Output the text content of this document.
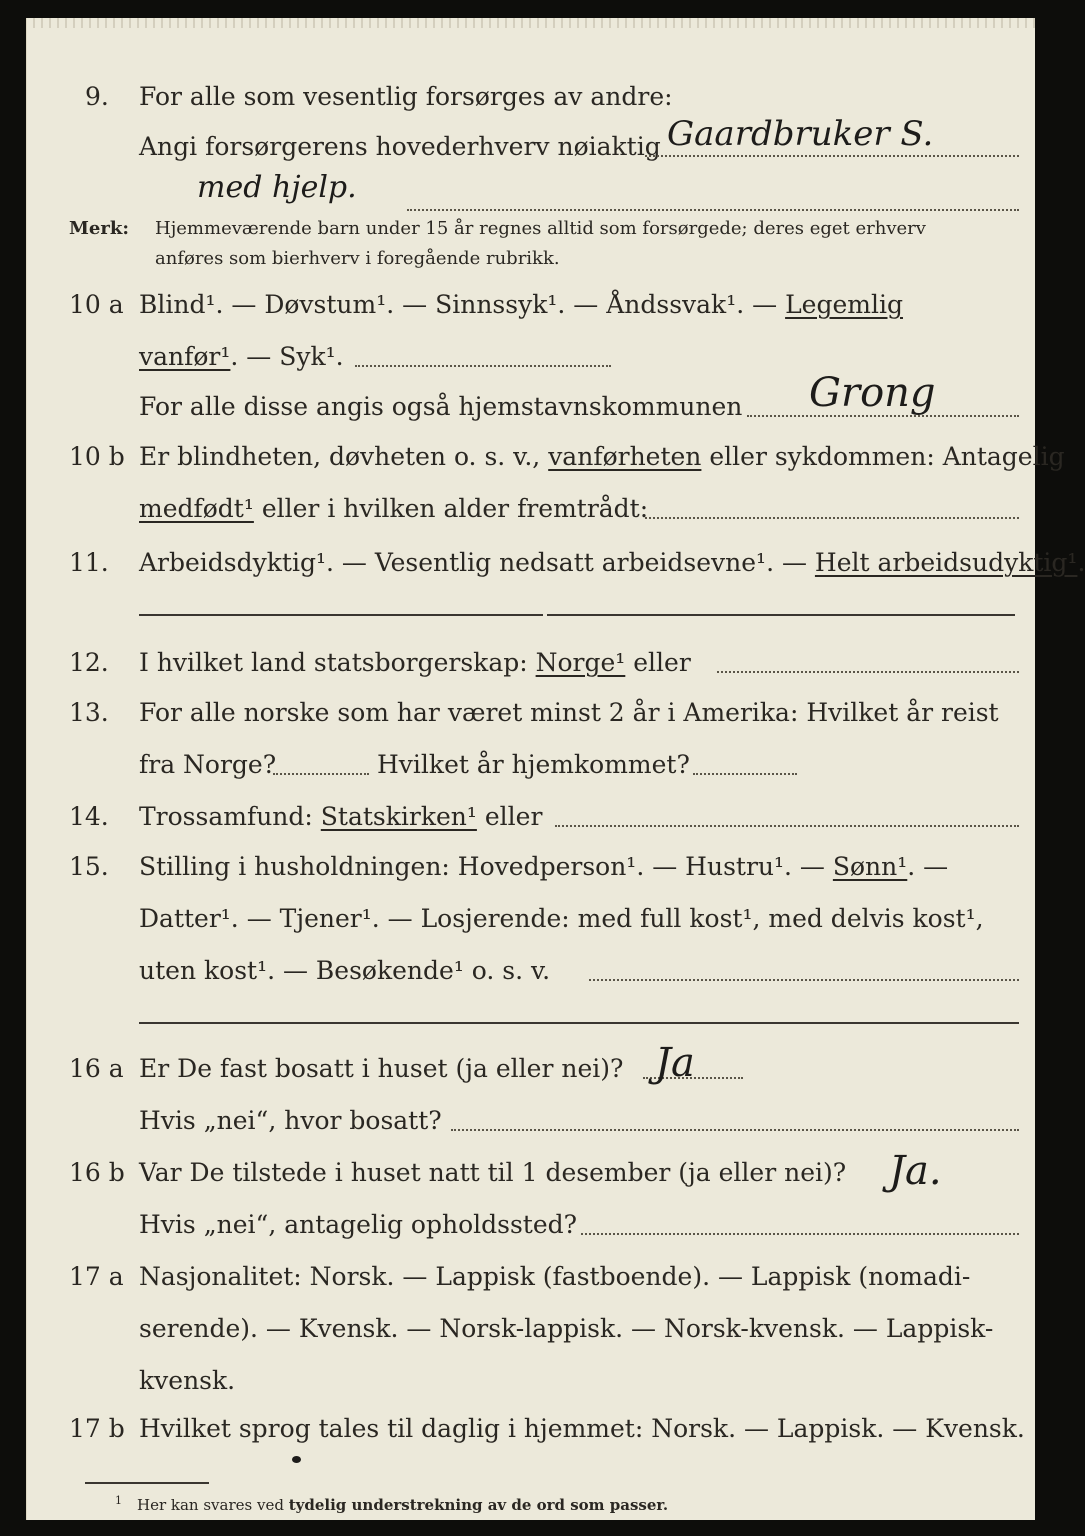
9. For alle som vesentlig forsørges av andre:
Angi forsørgerens hovederhverv nøiaktig Gaardbruker S.
med hjelp.
Merk: Hjemmeværende barn under 15 år regnes alltid som forsørgede; deres eget erhverv
anføres som bierhverv i foregående rubrikk.
10 a Blind¹. — Døvstum¹. — Sinnssyk¹. — Åndssvak¹. — Legemlig
vanfør¹. — Syk¹.
For alle disse angis også hjemstavnskommunen Grong
10 b Er blindheten, døvheten o. s. v., vanførheten eller sykdommen: Antagelig
medfødt¹ eller i hvilken alder fremtrådt:
11. Arbeidsdyktig¹. — Vesentlig nedsatt arbeidsevne¹. — Helt arbeidsudyktig¹.
12. I hvilket land statsborgerskap: Norge¹ eller
13. For alle norske som har været minst 2 år i Amerika: Hvilket år reist
fra Norge?	Hvilket år hjemkommet?
14. Trossamfund: Statskirken¹ eller
15. Stilling i husholdningen: Hovedperson¹. — Hustru¹. — Sønn¹. —
Datter¹. — Tjener¹. — Losjerende: med full kost¹, med delvis kost¹,
uten kost¹. — Besøkende¹ o. s. v.
16 a Er De fast bosatt i huset (ja eller nei)? Ja
Hvis „nei“, hvor bosatt?
16 b Var De tilstede i huset natt til 1 desember (ja eller nei)? Ja.
Hvis „nei“, antagelig opholdssted?
17 a Nasjonalitet: Norsk. — Lappisk (fastboende). — Lappisk (nomadi-
serende). — Kvensk. — Norsk-lappisk. — Norsk-kvensk. — Lappisk-
kvensk.
17 b Hvilket sprog tales til daglig i hjemmet: Norsk. — Lappisk. — Kvensk.
1 Her kan svares ved tydelig understrekning av de ord som passer.
